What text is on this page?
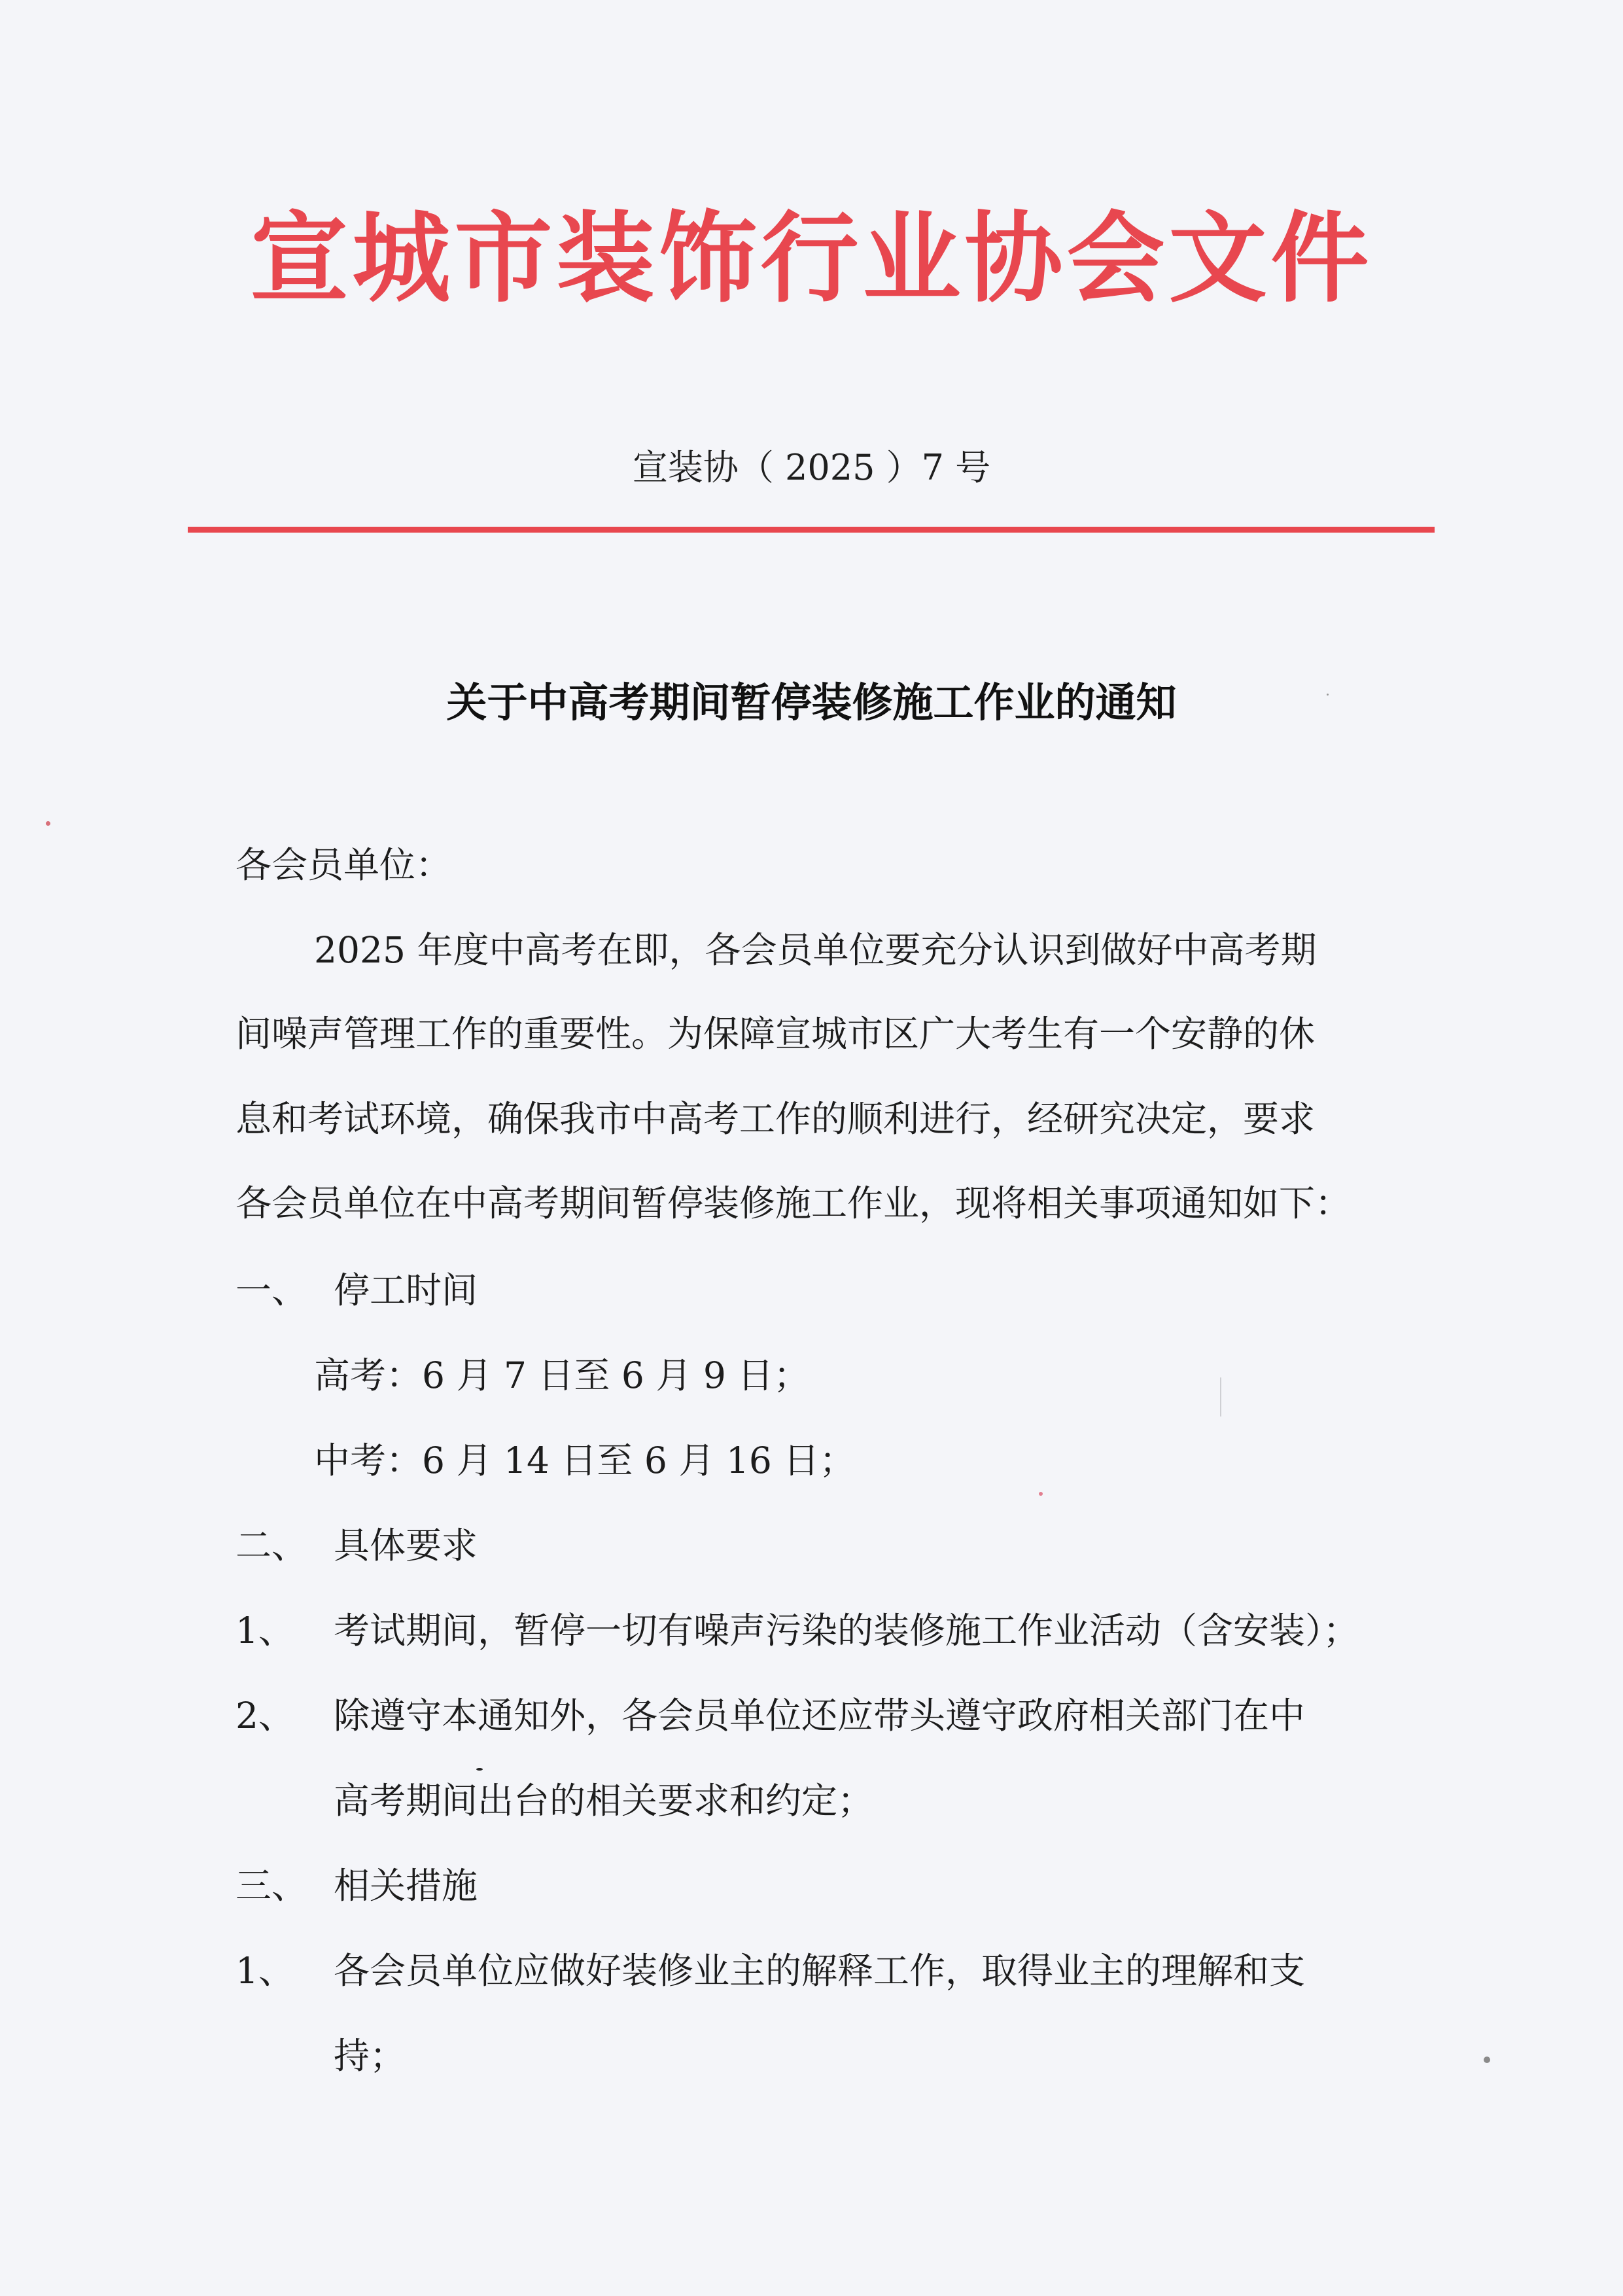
宣城市装饰行业协会文件
宣装协（ 2025 ）7 号
关于中高考期间暂停装修施工作业的通知
各会员单位：
2025 年度中高考在即，各会员单位要充分认识到做好中高考期
间噪声管理工作的重要性。为保障宣城市区广大考生有一个安静的休
息和考试环境，确保我市中高考工作的顺利进行，经研究决定，要求
各会员单位在中高考期间暂停装修施工作业，现将相关事项通知如下：
一、 停工时间
高考：6 月 7 日至 6 月 9 日；
中考：6 月 14 日至 6 月 16 日；
二、 具体要求
1、 考试期间，暂停一切有噪声污染的装修施工作业活动（含安装）；
2、 除遵守本通知外，各会员单位还应带头遵守政府相关部门在中
高考期间出台的相关要求和约定；
三、 相关措施
1、 各会员单位应做好装修业主的解释工作，取得业主的理解和支
持；
